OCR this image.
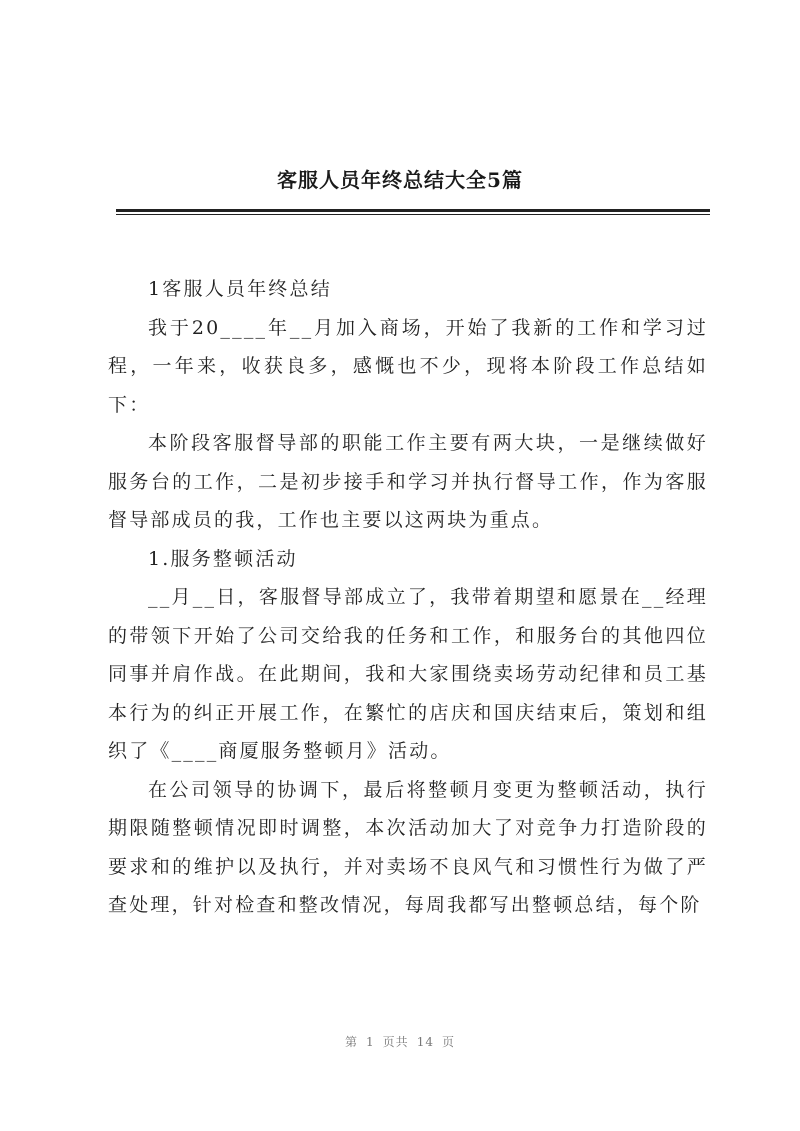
客服人员年终总结大全5篇

1客服人员年终总结

我于20____年__月加入商场，开始了我新的工作和学习过程，一年来，收获良多，感慨也不少，现将本阶段工作总结如下：

本阶段客服督导部的职能工作主要有两大块，一是继续做好服务台的工作，二是初步接手和学习并执行督导工作，作为客服督导部成员的我，工作也主要以这两块为重点。

1.服务整顿活动

__月__日，客服督导部成立了，我带着期望和愿景在__经理的带领下开始了公司交给我的任务和工作，和服务台的其他四位同事并肩作战。在此期间，我和大家围绕卖场劳动纪律和员工基本行为的纠正开展工作，在繁忙的店庆和国庆结束后，策划和组织了《____商厦服务整顿月》活动。

在公司领导的协调下，最后将整顿月变更为整顿活动，执行期限随整顿情况即时调整，本次活动加大了对竞争力打造阶段的要求和的维护以及执行，并对卖场不良风气和习惯性行为做了严查处理，针对检查和整改情况，每周我都写出整顿总结，每个阶

第 1 页共 14 页
